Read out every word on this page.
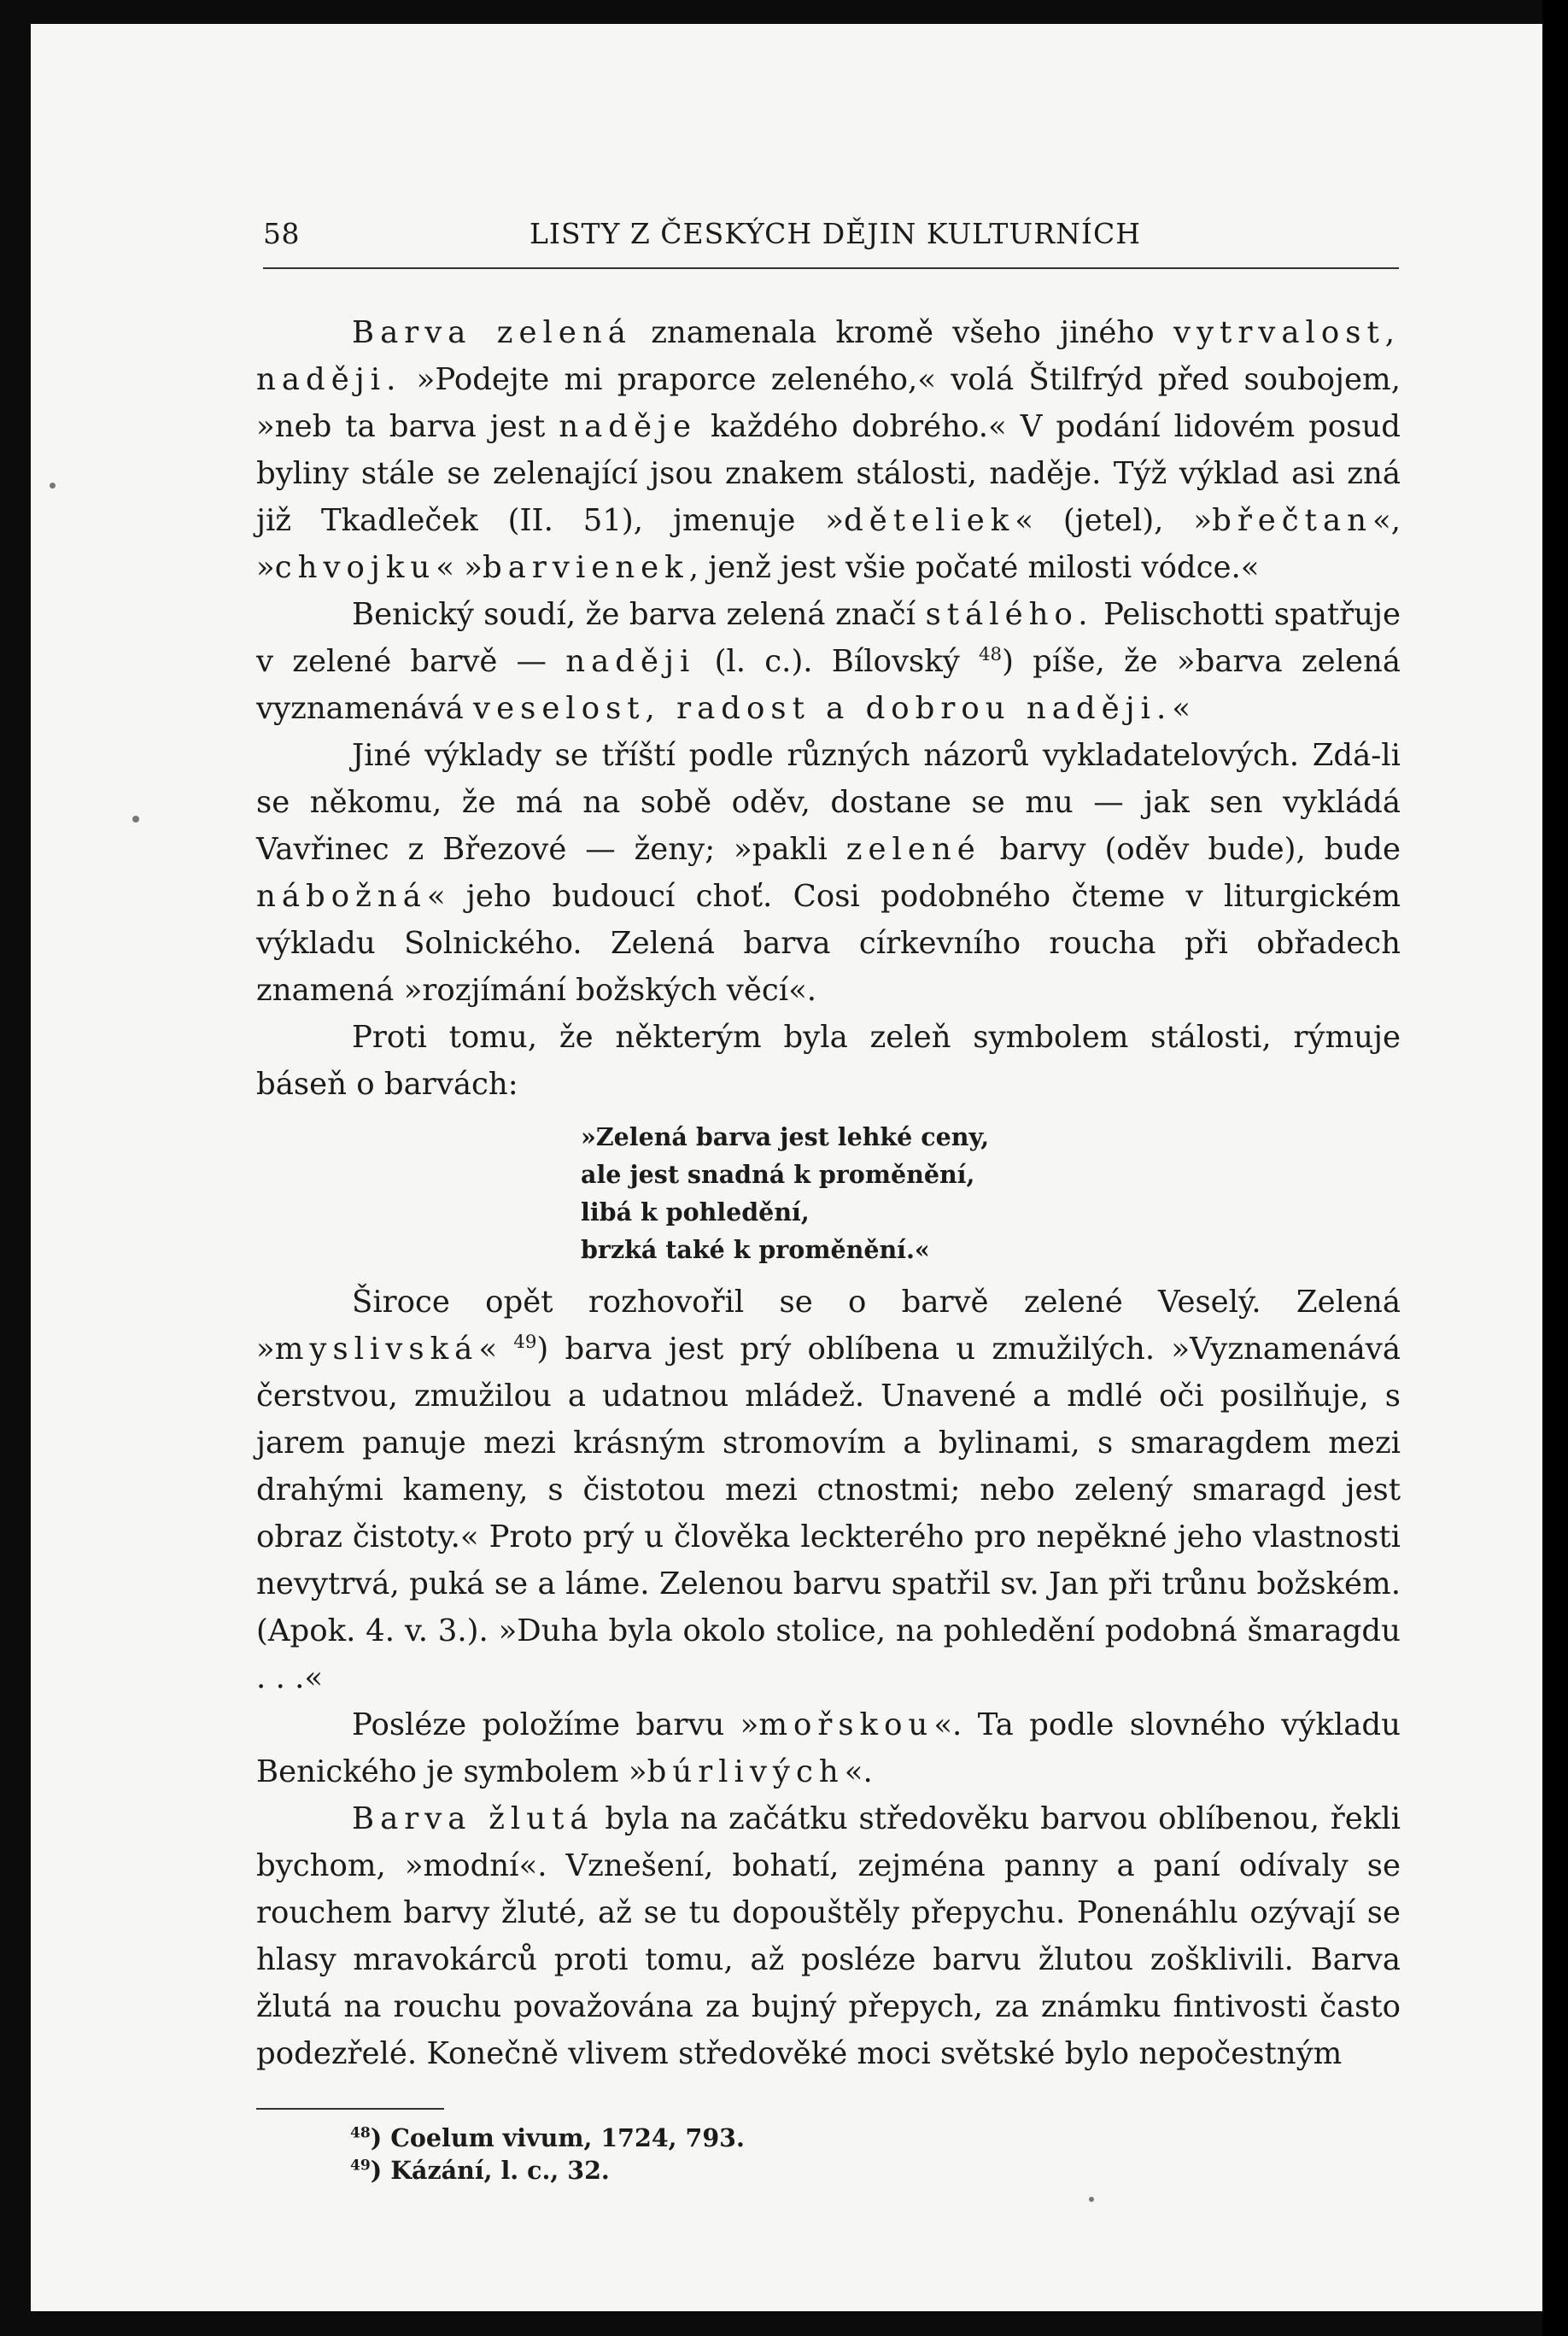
58	LISTY Z ČESKÝCH DĚJIN KULTURNÍCH

Barva zelená znamenala kromě všeho jiného vytrvalost, naději. »Podejte mi praporce zeleného,« volá Štilfrýd před soubojem, »neb ta barva jest naděje každého dobrého.« V podání lidovém posud byliny stále se zelenající jsou znakem stálosti, naděje. Týž výklad asi zná již Tkadleček (II. 51), jmenuje »děteliek« (jetel), »břečtan«, »chvojku« »barvienek, jenž jest všie počaté milosti vódce.«

Benický soudí, že barva zelená značí stálého. Pelischotti spatřuje v zelené barvě — naději (l. c.). Bílovský $^{48}$) píše, že »barva zelená vyznamenává veselost, radost a dobrou naději.«

Jiné výklady se tříští podle různých názorů vykladatelových. Zdá-li se někomu, že má na sobě oděv, dostane se mu — jak sen vykládá Vavřinec z Březové — ženy; »pakli zelené barvy (oděv bude), bude nábožná« jeho budoucí choť. Cosi podobného čteme v liturgickém výkladu Solnického. Zelená barva církevního roucha při obřadech znamená »rozjímání božských věcí«.

Proti tomu, že některým byla zeleň symbolem stálosti, rýmuje báseň o barvách:

»Zelená barva jest lehké ceny,
ale jest snadná k proměnění,
libá k pohledění,
brzká také k proměnění.«

Široce opět rozhovořil se o barvě zelené Veselý. Zelená »myslivská« $^{49}$) barva jest prý oblíbena u zmužilých. »Vyznamenává čerstvou, zmužilou a udatnou mládež. Unavené a mdlé oči posilňuje, s jarem panuje mezi krásným stromovím a bylinami, s smaragdem mezi drahými kameny, s čistotou mezi ctnostmi; nebo zelený smaragd jest obraz čistoty.« Proto prý u člověka leckterého pro nepěkné jeho vlastnosti nevytrvá, puká se a láme. Zelenou barvu spatřil sv. Jan při trůnu božském. (Apok. 4. v. 3.). »Duha byla okolo stolice, na pohledění podobná šmaragdu . . .«

Posléze položíme barvu »mořskou«. Ta podle slovného výkladu Benického je symbolem »búrlivých«.

Barva žlutá byla na začátku středověku barvou oblíbenou, řekli bychom, »modní«. Vznešení, bohatí, zejména panny a paní odívaly se rouchem barvy žluté, až se tu dopouštěly přepychu. Ponenáhlu ozývají se hlasy mravokárců proti tomu, až posléze barvu žlutou zošklivili. Barva žlutá na rouchu považována za bujný přepych, za známku fintivosti často podezřelé. Konečně vlivem středověké moci světské bylo nepočestným

$^{48}$) Coelum vivum, 1724, 793.
$^{49}$) Kázání, l. c., 32.
